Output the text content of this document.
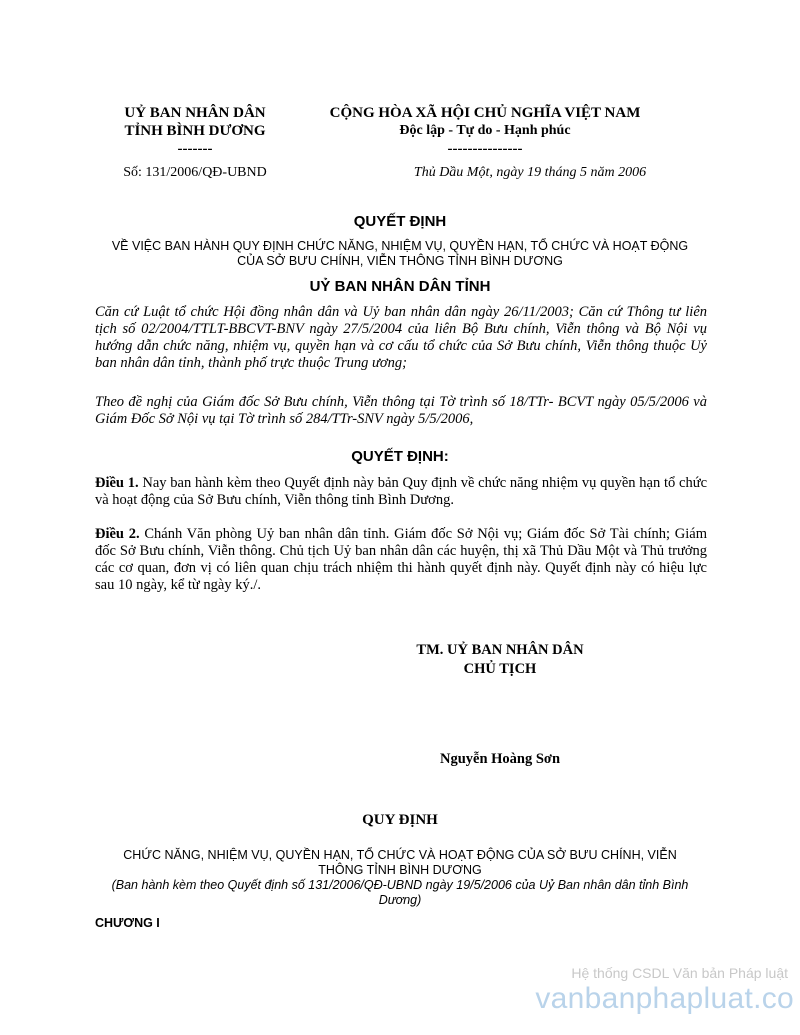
UỶ BAN NHÂN DÂN
TỈNH BÌNH DƯƠNG
-------
CỘNG HÒA XÃ HỘI CHỦ NGHĨA VIỆT NAM
Độc lập - Tự do - Hạnh phúc
---------------
Số: 131/2006/QĐ-UBND	Thủ Dầu Một, ngày 19 tháng 5 năm 2006
QUYẾT ĐỊNH
VỀ VIỆC BAN HÀNH QUY ĐỊNH CHỨC NĂNG, NHIỆM VỤ, QUYỀN HẠN, TỔ CHỨC VÀ HOẠT ĐỘNG
CỦA SỞ BƯU CHÍNH, VIỄN THÔNG TỈNH BÌNH DƯƠNG
UỶ BAN NHÂN DÂN TỈNH
Căn cứ Luật tổ chức Hội đồng nhân dân và Uỷ ban nhân dân ngày 26/11/2003; Căn cứ Thông tư liên tịch số 02/2004/TTLT-BBCVT-BNV ngày 27/5/2004 của liên Bộ Bưu chính, Viễn thông và Bộ Nội vụ hướng dẫn chức năng, nhiệm vụ, quyền hạn và cơ cấu tổ chức của Sở Bưu chính, Viễn thông thuộc Uỷ ban nhân dân tỉnh, thành phố trực thuộc Trung ương;
Theo đề nghị của Giám đốc Sở Bưu chính, Viễn thông tại Tờ trình số 18/TTr- BCVT ngày 05/5/2006 và Giám Đốc Sở Nội vụ tại Tờ trình số 284/TTr-SNV ngày 5/5/2006,
QUYẾT ĐỊNH:
Điều 1. Nay ban hành kèm theo Quyết định này bản Quy định về chức năng nhiệm vụ quyền hạn tổ chức và hoạt động của Sở Bưu chính, Viễn thông tỉnh Bình Dương.
Điều 2. Chánh Văn phòng Uỷ ban nhân dân tỉnh. Giám đốc Sở Nội vụ; Giám đốc Sở Tài chính; Giám đốc Sở Bưu chính, Viễn thông. Chủ tịch Uỷ ban nhân dân các huyện, thị xã Thủ Dầu Một và Thủ trưởng các cơ quan, đơn vị có liên quan chịu trách nhiệm thi hành quyết định này. Quyết định này có hiệu lực sau 10 ngày, kể từ ngày ký./.
TM. UỶ BAN NHÂN DÂN
CHỦ TỊCH
Nguyễn Hoàng Sơn
QUY ĐỊNH
CHỨC NĂNG, NHIỆM VỤ, QUYỀN HẠN, TỔ CHỨC VÀ HOẠT ĐỘNG CỦA SỞ BƯU CHÍNH, VIỄN
THÔNG TỈNH BÌNH DƯƠNG
(Ban hành kèm theo Quyết định số 131/2006/QĐ-UBND ngày 19/5/2006 của Uỷ Ban nhân dân tỉnh Bình
Dương)
CHƯƠNG I
Hệ thống CSDL Văn bản Pháp luật
vanbanphapluat.co
